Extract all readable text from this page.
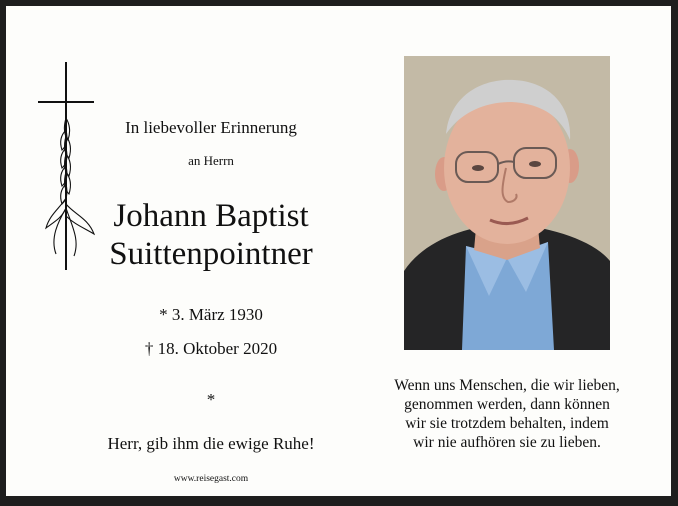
In liebevoller Erinnerung
an Herrn
Johann Baptist
Suittenpointner
* 3. März 1930
† 18. Oktober 2020
*
Herr, gib ihm die ewige Ruhe!
www.reisegast.com
Wenn uns Menschen, die wir lieben,
genommen werden, dann können
wir sie trotzdem behalten, indem
wir nie aufhören sie zu lieben.
